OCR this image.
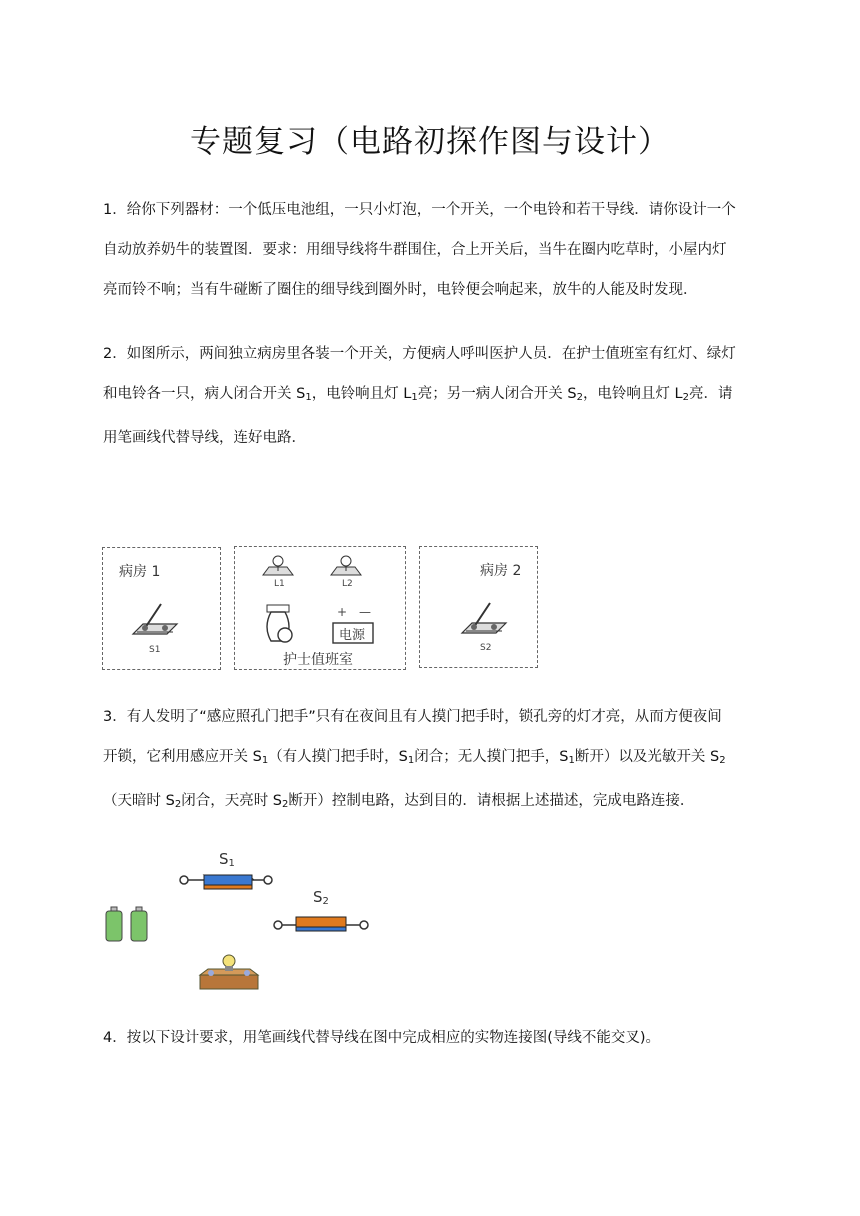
专题复习（电路初探作图与设计）

1．给你下列器材：一个低压电池组，一只小灯泡，一个开关，一个电铃和若干导线．请你设计一个

自动放养奶牛的装置图．要求：用细导线将牛群围住，合上开关后，当牛在圈内吃草时，小屋内灯

亮而铃不响；当有牛碰断了圈住的细导线到圈外时，电铃便会响起来，放牛的人能及时发现．

2．如图所示，两间独立病房里各装一个开关，方便病人呼叫医护人员．在护士值班室有红灯、绿灯

和电铃各一只，病人闭合开关 $S_1$，电铃响且灯 $L_1$亮；另一病人闭合开关 $S_2$，电铃响且灯 $L_2$亮．请

用笔画线代替导线，连好电路．

病房 1
S1
L1	L2
+ —
电源
护士值班室
病房 2
S2

3．有人发明了“感应照孔门把手”只有在夜间且有人摸门把手时，锁孔旁的灯才亮，从而方便夜间

开锁，它利用感应开关 $S_1$（有人摸门把手时，$S_1$闭合；无人摸门把手，$S_1$断开）以及光敏开关 $S_2$

（天暗时 $S_2$闭合，天亮时 $S_2$断开）控制电路，达到目的．请根据上述描述，完成电路连接．

$S_1$
$S_2$

4．按以下设计要求，用笔画线代替导线在图中完成相应的实物连接图(导线不能交叉)。
